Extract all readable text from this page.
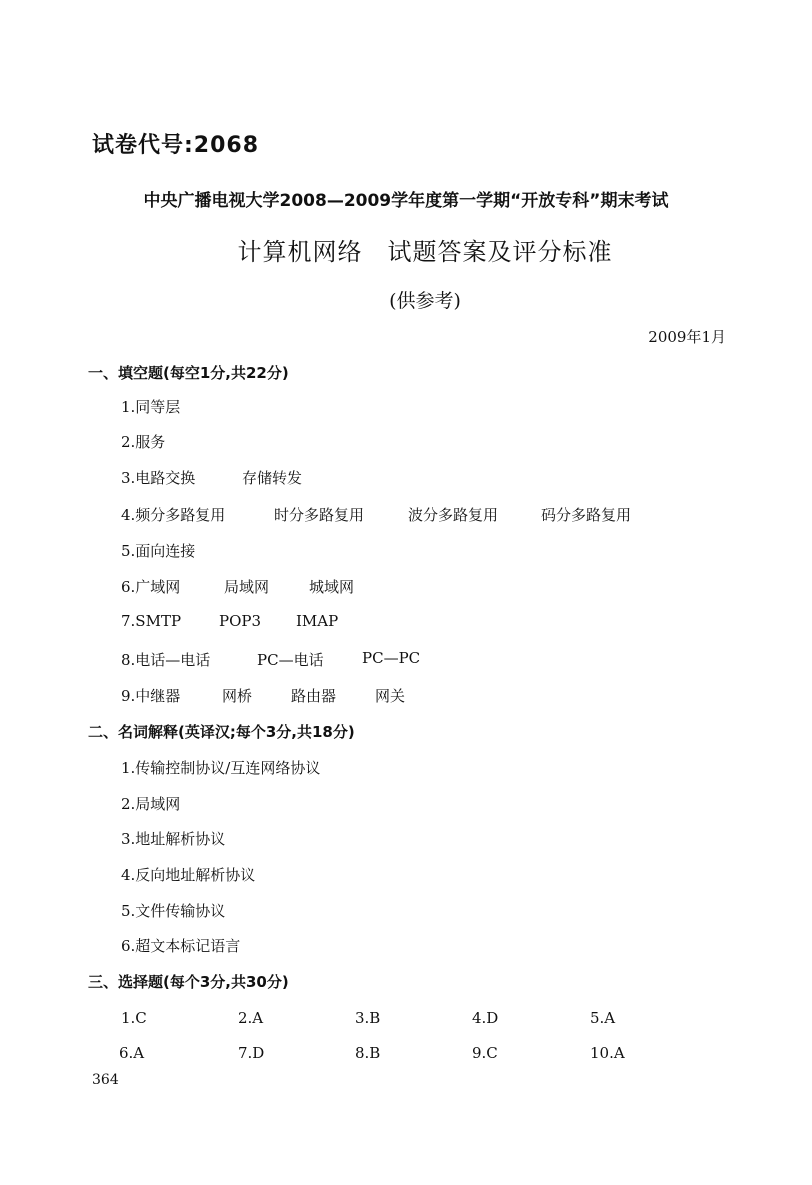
试卷代号:2068
中央广播电视大学2008—2009学年度第一学期“开放专科”期末考试
计算机网络　试题答案及评分标准
(供参考)
2009年1月
一、填空题(每空1分,共22分)
1.同等层
2.服务
3.电路交换	存储转发
4.频分多路复用	时分多路复用	波分多路复用	码分多路复用
5.面向连接
6.广域网	局域网	城域网
7.SMTP	POP3 IMAP
8.电话—电话	PC—电话	PC—PC
9.中继器	网桥	路由器	网关
二、名词解释(英译汉;每个3分,共18分)
1.传输控制协议/互连网络协议
2.局域网
3.地址解析协议
4.反向地址解析协议
5.文件传输协议
6.超文本标记语言
三、选择题(每个3分,共30分)
1.C	2.A	3.B	4.D	5.A
6.A	7.D	8.B	9.C	10.A
364
